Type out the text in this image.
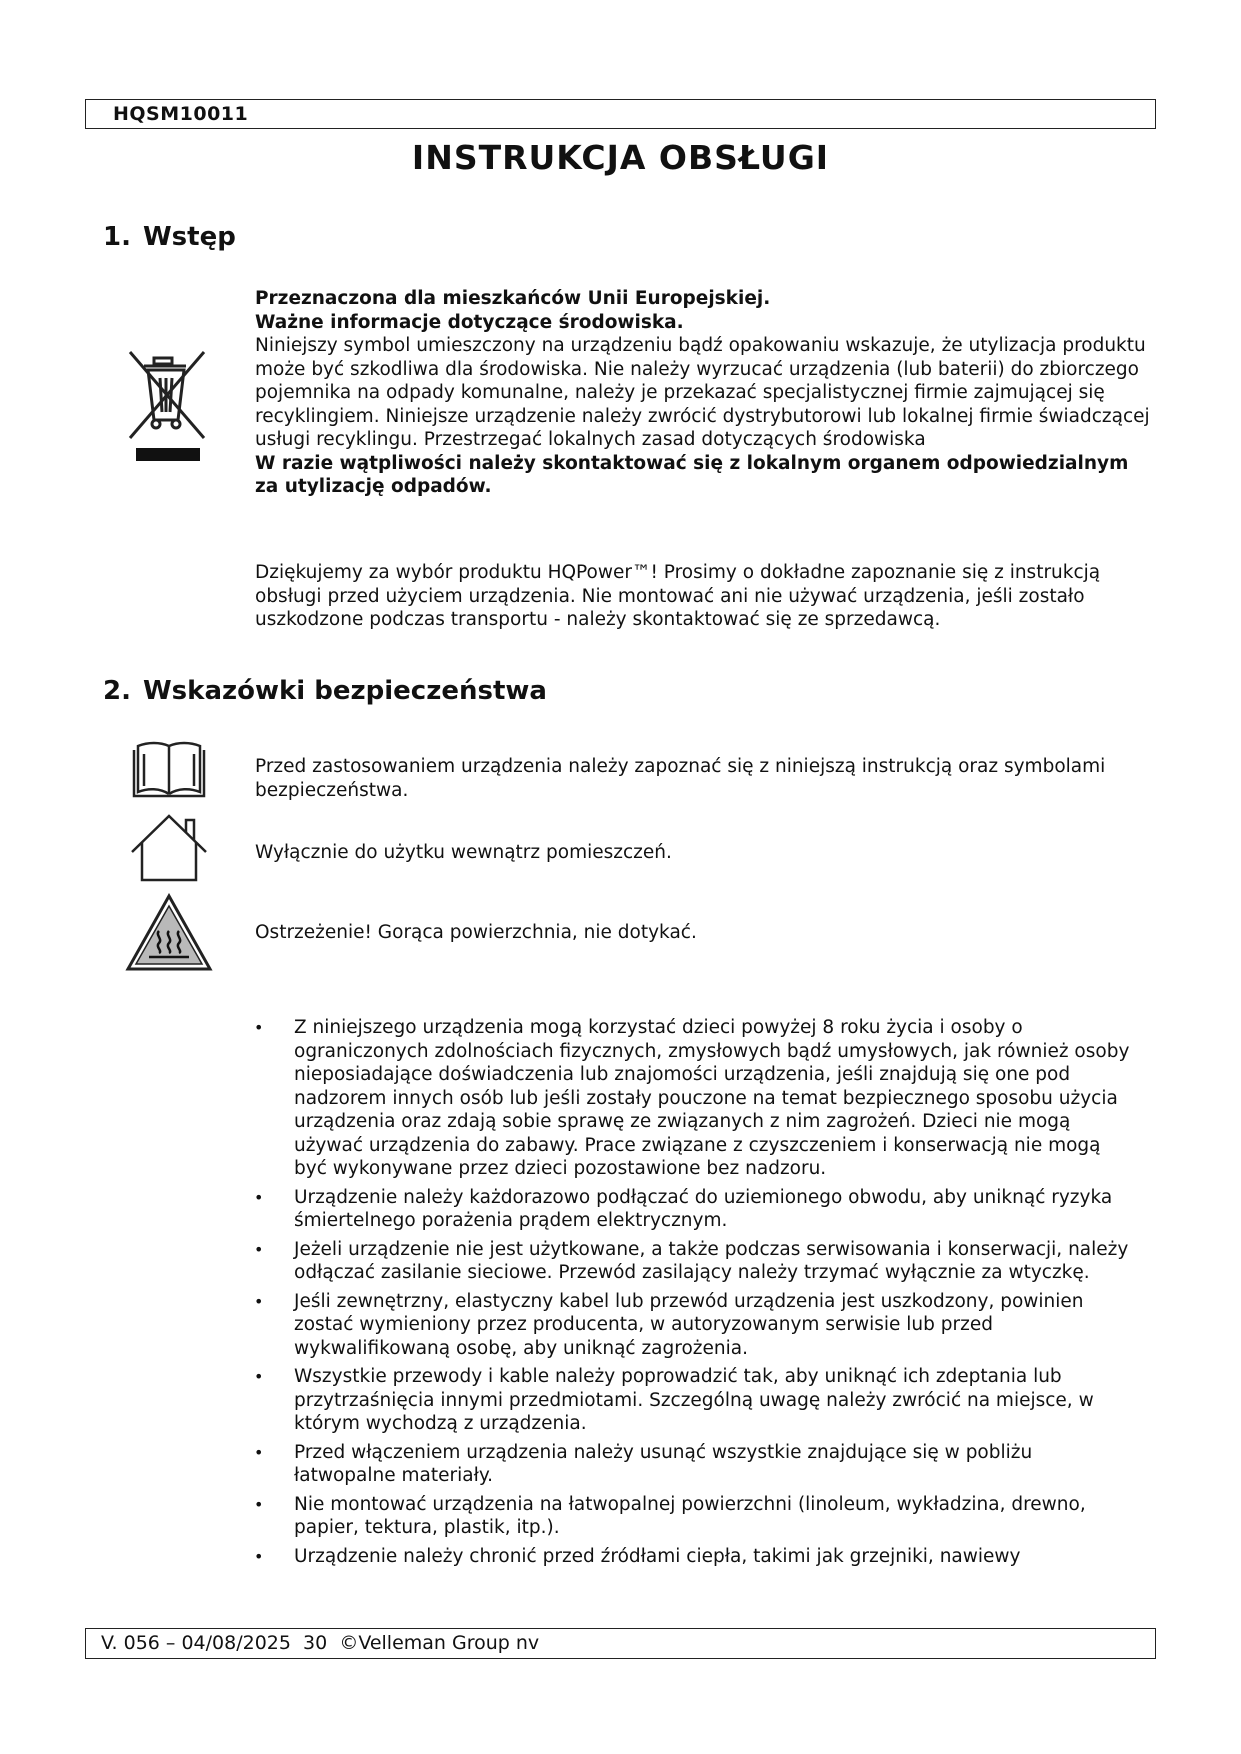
HQSM10011
INSTRUKCJA OBSŁUGI
1. Wstęp
Przeznaczona dla mieszkańców Unii Europejskiej.
Ważne informacje dotyczące środowiska.
Niniejszy symbol umieszczony na urządzeniu bądź opakowaniu wskazuje, że utylizacja produktu może być szkodliwa dla środowiska. Nie należy wyrzucać urządzenia (lub baterii) do zbiorczego pojemnika na odpady komunalne, należy je przekazać specjalistycznej firmie zajmującej się recyklingiem. Niniejsze urządzenie należy zwrócić dystrybutorowi lub lokalnej firmie świadczącej usługi recyklingu. Przestrzegać lokalnych zasad dotyczących środowiska
W razie wątpliwości należy skontaktować się z lokalnym organem odpowiedzialnym za utylizację odpadów.
Dziękujemy za wybór produktu HQPower™! Prosimy o dokładne zapoznanie się z instrukcją obsługi przed użyciem urządzenia. Nie montować ani nie używać urządzenia, jeśli zostało uszkodzone podczas transportu - należy skontaktować się ze sprzedawcą.
2. Wskazówki bezpieczeństwa
Przed zastosowaniem urządzenia należy zapoznać się z niniejszą instrukcją oraz symbolami bezpieczeństwa.
Wyłącznie do użytku wewnątrz pomieszczeń.
Ostrzeżenie! Gorąca powierzchnia, nie dotykać.
• Z niniejszego urządzenia mogą korzystać dzieci powyżej 8 roku życia i osoby o ograniczonych zdolnościach fizycznych, zmysłowych bądź umysłowych, jak również osoby nieposiadające doświadczenia lub znajomości urządzenia, jeśli znajdują się one pod nadzorem innych osób lub jeśli zostały pouczone na temat bezpiecznego sposobu użycia urządzenia oraz zdają sobie sprawę ze związanych z nim zagrożeń. Dzieci nie mogą używać urządzenia do zabawy. Prace związane z czyszczeniem i konserwacją nie mogą być wykonywane przez dzieci pozostawione bez nadzoru.
• Urządzenie należy każdorazowo podłączać do uziemionego obwodu, aby uniknąć ryzyka śmiertelnego porażenia prądem elektrycznym.
• Jeżeli urządzenie nie jest użytkowane, a także podczas serwisowania i konserwacji, należy odłączać zasilanie sieciowe. Przewód zasilający należy trzymać wyłącznie za wtyczkę.
• Jeśli zewnętrzny, elastyczny kabel lub przewód urządzenia jest uszkodzony, powinien zostać wymieniony przez producenta, w autoryzowanym serwisie lub przed wykwalifikowaną osobę, aby uniknąć zagrożenia.
• Wszystkie przewody i kable należy poprowadzić tak, aby uniknąć ich zdeptania lub przytrzaśnięcia innymi przedmiotami. Szczególną uwagę należy zwrócić na miejsce, w którym wychodzą z urządzenia.
• Przed włączeniem urządzenia należy usunąć wszystkie znajdujące się w pobliżu łatwopalne materiały.
• Nie montować urządzenia na łatwopalnej powierzchni (linoleum, wykładzina, drewno, papier, tektura, plastik, itp.).
• Urządzenie należy chronić przed źródłami ciepła, takimi jak grzejniki, nawiewy
V. 056 – 04/08/2025  30  ©Velleman Group nv
